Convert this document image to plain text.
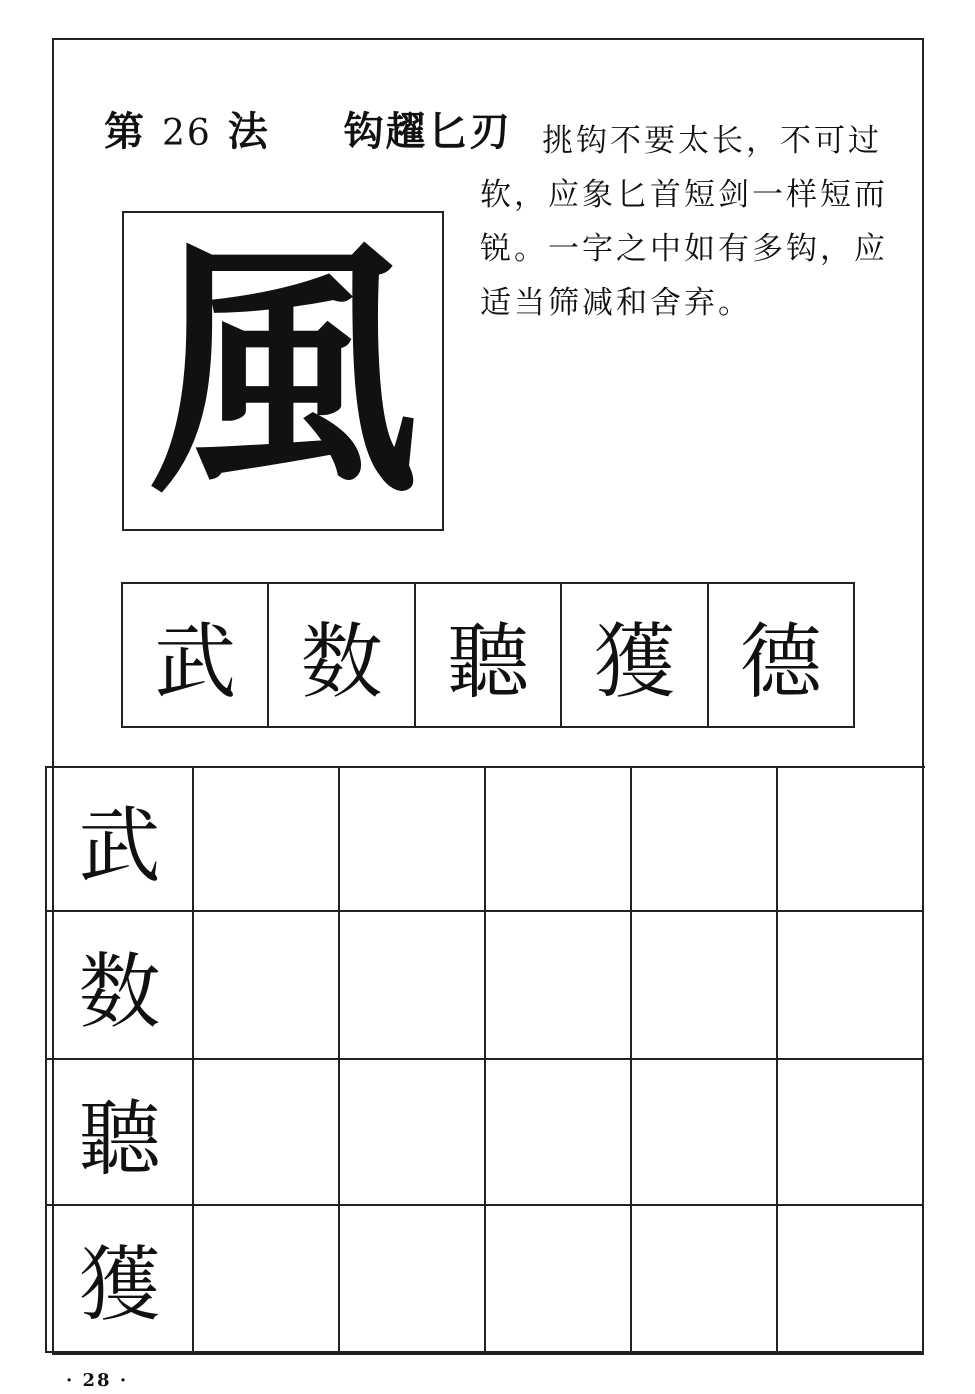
第 26 法 钩趯匕刃 挑钩不要太长，不可过软，应象匕首短剑一样短而锐。一字之中如有多钩，应适当筛减和舍弃。

風
武 数 聽 獲 德
武
数
聽
獲
· 28 ·
